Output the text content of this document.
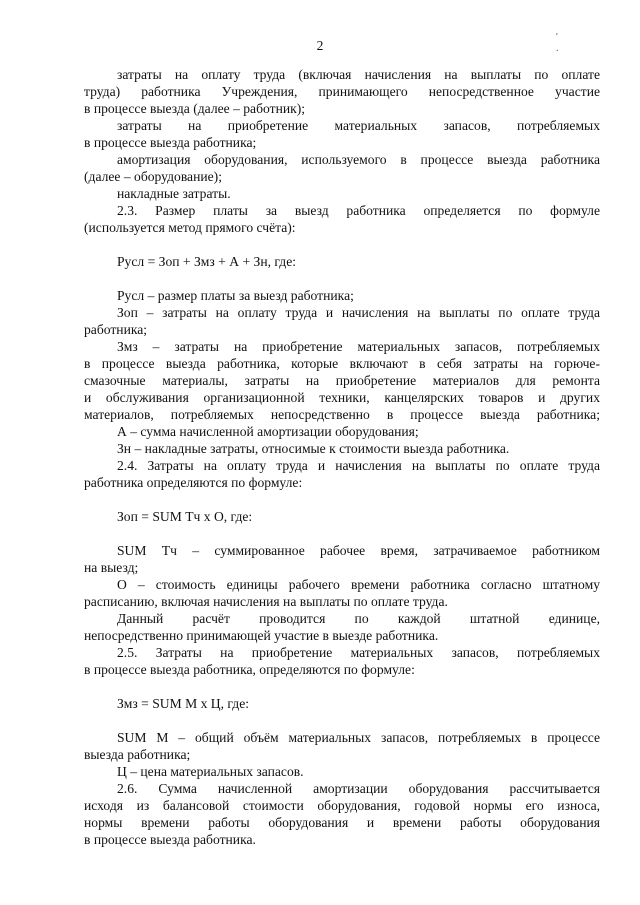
2
' .
затраты на оплату труда (включая начисления на выплаты по оплате
труда) работника Учреждения, принимающего непосредственное участие
в процессе выезда (далее – работник);
затраты на приобретение материальных запасов, потребляемых
в процессе выезда работника;
амортизация оборудования, используемого в процессе выезда работника
(далее – оборудование);
накладные затраты.
2.3. Размер платы за выезд работника определяется по формуле
(используется метод прямого счёта):
Русл = Зоп + Змз + А + Зн, где:
Русл – размер платы за выезд работника;
Зоп – затраты на оплату труда и начисления на выплаты по оплате труда
работника;
Змз – затраты на приобретение материальных запасов, потребляемых
в процессе выезда работника, которые включают в себя затраты на горюче-
смазочные материалы, затраты на приобретение материалов для ремонта
и обслуживания организационной техники, канцелярских товаров и других
материалов, потребляемых непосредственно в процессе выезда работника;
А – сумма начисленной амортизации оборудования;
Зн – накладные затраты, относимые к стоимости выезда работника.
2.4. Затраты на оплату труда и начисления на выплаты по оплате труда
работника определяются по формуле:
Зоп = SUM Тч х О, где:
SUM Тч – суммированное рабочее время, затрачиваемое работником
на выезд;
О – стоимость единицы рабочего времени работника согласно штатному
расписанию, включая начисления на выплаты по оплате труда.
Данный расчёт проводится по каждой штатной единице,
непосредственно принимающей участие в выезде работника.
2.5. Затраты на приобретение материальных запасов, потребляемых
в процессе выезда работника, определяются по формуле:
Змз = SUM М х Ц, где:
SUM М – общий объём материальных запасов, потребляемых в процессе
выезда работника;
Ц – цена материальных запасов.
2.6. Сумма начисленной амортизации оборудования рассчитывается
исходя из балансовой стоимости оборудования, годовой нормы его износа,
нормы времени работы оборудования и времени работы оборудования
в процессе выезда работника.
